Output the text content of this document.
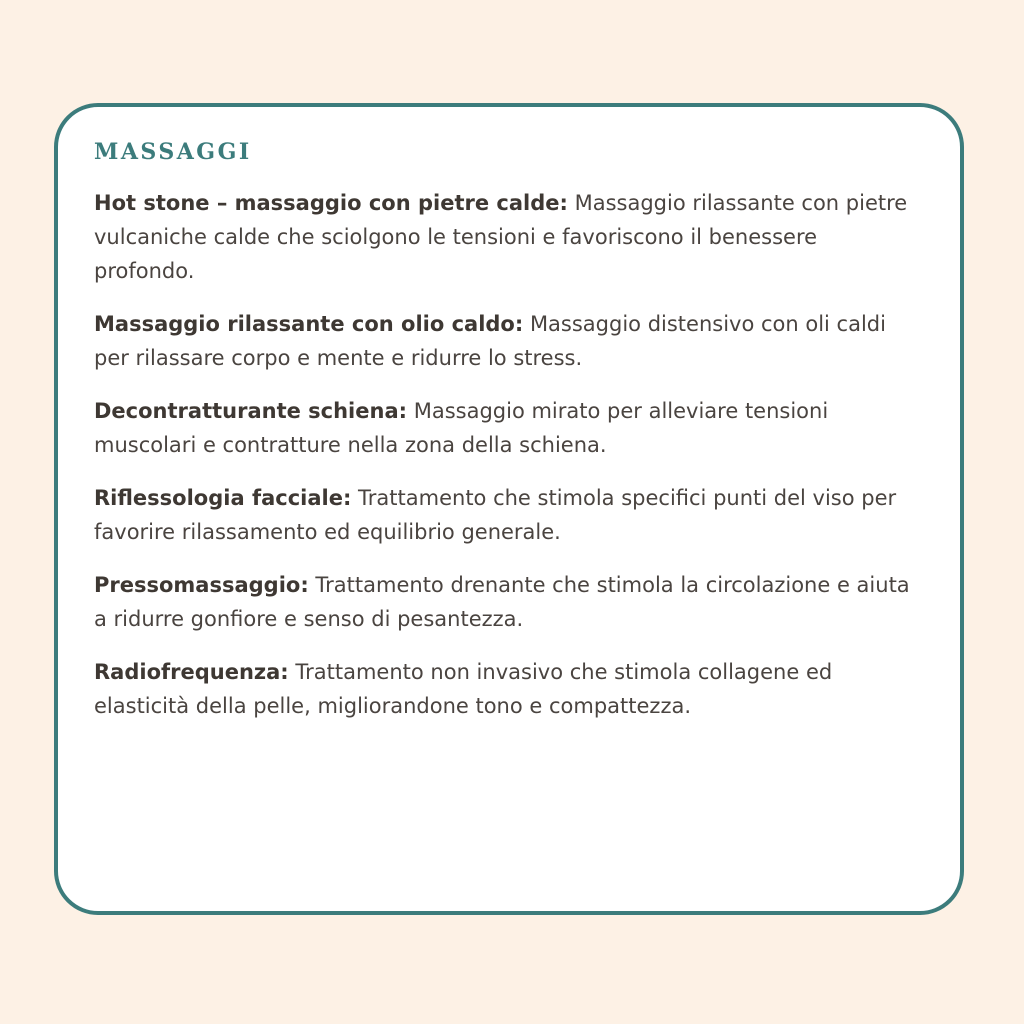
MASSAGGI

Hot stone – massaggio con pietre calde: Massaggio rilassante con pietre vulcaniche calde che sciolgono le tensioni e favoriscono il benessere profondo.

Massaggio rilassante con olio caldo: Massaggio distensivo con oli caldi per rilassare corpo e mente e ridurre lo stress.

Decontratturante schiena: Massaggio mirato per alleviare tensioni muscolari e contratture nella zona della schiena.

Riflessologia facciale: Trattamento che stimola specifici punti del viso per favorire rilassamento ed equilibrio generale.

Pressomassaggio: Trattamento drenante che stimola la circolazione e aiuta a ridurre gonfiore e senso di pesantezza.

Radiofrequenza: Trattamento non invasivo che stimola collagene ed elasticità della pelle, migliorandone tono e compattezza.
